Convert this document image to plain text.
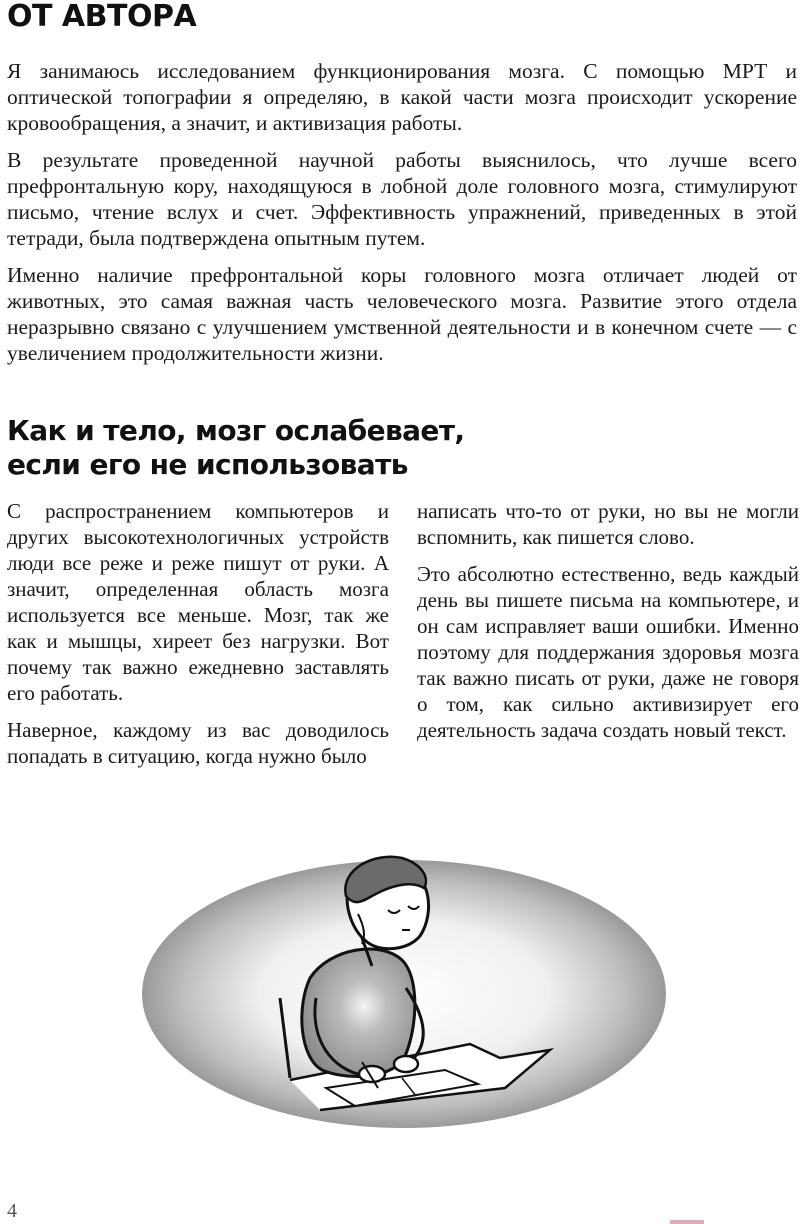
ОТ АВТОРА

Я занимаюсь исследованием функционирования мозга. С помощью МРТ и оптической топографии я определяю, в какой части мозга происходит ускорение кровообращения, а значит, и активизация работы.

В результате проведенной научной работы выяснилось, что лучше всего префронтальную кору, находящуюся в лобной доле головного мозга, стимулируют письмо, чтение вслух и счет. Эффективность упражнений, приведенных в этой тетради, была подтверждена опытным путем.

Именно наличие префронтальной коры головного мозга отличает людей от животных, это самая важная часть человеческого мозга. Развитие этого отдела неразрывно связано с улучшением умственной деятельности и в конечном счете — с увеличением продолжительности жизни.

Как и тело, мозг ослабевает,
если его не использовать

С распространением компьютеров и других высокотехнологичных устройств люди все реже и реже пишут от руки. А значит, определенная область мозга используется все меньше. Мозг, так же как и мышцы, хиреет без нагрузки. Вот почему так важно ежедневно заставлять его работать.

Наверное, каждому из вас доводилось попадать в ситуацию, когда нужно было

написать что-то от руки, но вы не могли вспомнить, как пишется слово.

Это абсолютно естественно, ведь каждый день вы пишете письма на компьютере, и он сам исправляет ваши ошибки. Именно поэтому для поддержания здоровья мозга так важно писать от руки, даже не говоря о том, как сильно активизирует его деятельность задача создать новый текст.

4
